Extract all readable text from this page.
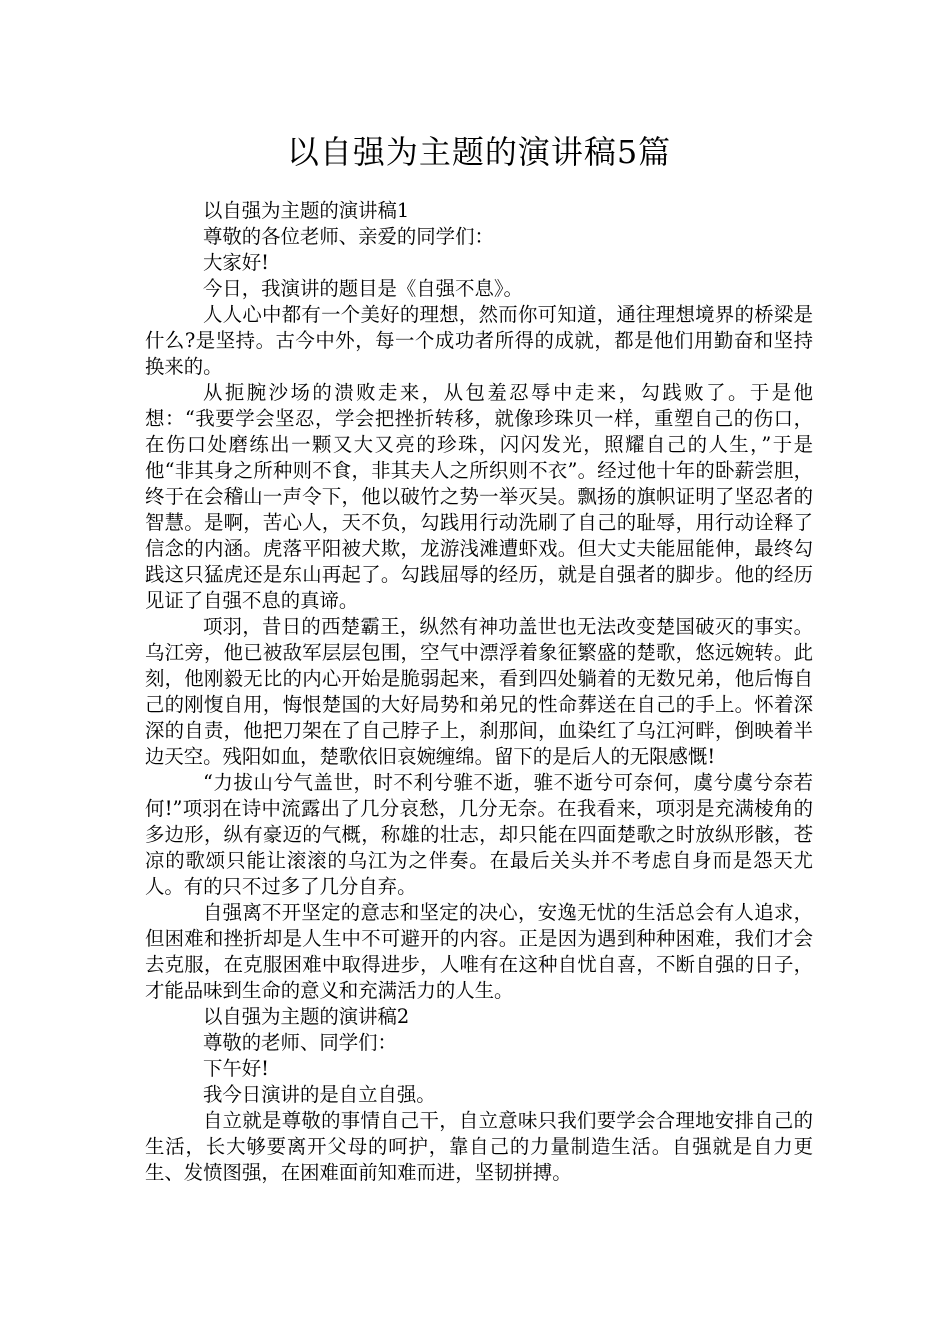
以自强为主题的演讲稿5篇

以自强为主题的演讲稿1

尊敬的各位老师、亲爱的同学们：

大家好!

今日，我演讲的题目是《自强不息》。

人人心中都有一个美好的理想，然而你可知道，通往理想境界的桥梁是什么?是坚持。古今中外，每一个成功者所得的成就，都是他们用勤奋和坚持换来的。

从扼腕沙场的溃败走来，从包羞忍辱中走来，勾践败了。于是他想：“我要学会坚忍，学会把挫折转移，就像珍珠贝一样，重塑自己的伤口，在伤口处磨练出一颗又大又亮的珍珠，闪闪发光，照耀自己的人生，”于是他“非其身之所种则不食，非其夫人之所织则不衣”。经过他十年的卧薪尝胆，终于在会稽山一声令下，他以破竹之势一举灭吴。飘扬的旗帜证明了坚忍者的智慧。是啊，苦心人，天不负，勾践用行动洗刷了自己的耻辱，用行动诠释了信念的内涵。虎落平阳被犬欺，龙游浅滩遭虾戏。但大丈夫能屈能伸，最终勾践这只猛虎还是东山再起了。勾践屈辱的经历，就是自强者的脚步。他的经历见证了自强不息的真谛。

项羽，昔日的西楚霸王，纵然有神功盖世也无法改变楚国破灭的事实。乌江旁，他已被敌军层层包围，空气中漂浮着象征繁盛的楚歌，悠远婉转。此刻，他刚毅无比的内心开始是脆弱起来，看到四处躺着的无数兄弟，他后悔自己的刚愎自用，悔恨楚国的大好局势和弟兄的性命葬送在自己的手上。怀着深深的自责，他把刀架在了自己脖子上，刹那间，血染红了乌江河畔，倒映着半边天空。残阳如血，楚歌依旧哀婉缠绵。留下的是后人的无限感慨!

“力拔山兮气盖世，时不利兮骓不逝，骓不逝兮可奈何，虞兮虞兮奈若何!”项羽在诗中流露出了几分哀愁，几分无奈。在我看来，项羽是充满棱角的多边形，纵有豪迈的气概，称雄的壮志，却只能在四面楚歌之时放纵形骸，苍凉的歌颂只能让滚滚的乌江为之伴奏。在最后关头并不考虑自身而是怨天尤人。有的只不过多了几分自弃。

自强离不开坚定的意志和坚定的决心，安逸无忧的生活总会有人追求，但困难和挫折却是人生中不可避开的内容。正是因为遇到种种困难，我们才会去克服，在克服困难中取得进步，人唯有在这种自忧自喜，不断自强的日子，才能品味到生命的意义和充满活力的人生。

以自强为主题的演讲稿2

尊敬的老师、同学们：

下午好!

我今日演讲的是自立自强。

自立就是尊敬的事情自己干，自立意味只我们要学会合理地安排自己的生活，长大够要离开父母的呵护，靠自己的力量制造生活。自强就是自力更生、发愤图强，在困难面前知难而进，坚韧拼搏。
